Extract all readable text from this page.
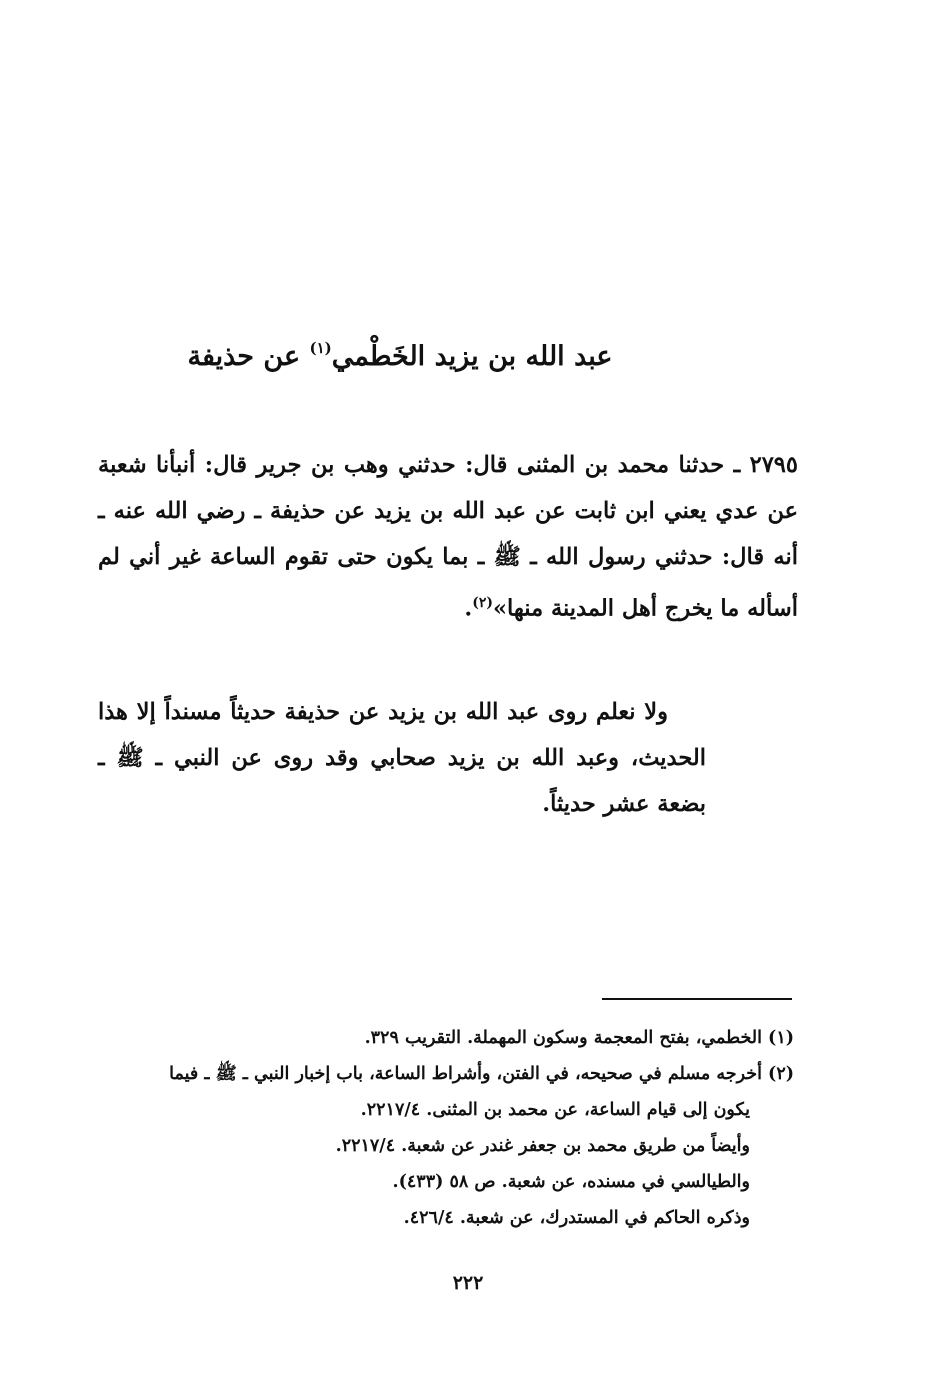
عبد الله بن يزيد الخَطْمي$^{(١)}$ عن حذيفة
٢٧٩٥ ـ حدثنا محمد بن المثنى قال: حدثني وهب بن جرير قال: أنبأنا شعبة عن عدي يعني ابن ثابت عن عبد الله بن يزيد عن حذيفة ـ رضي الله عنه ـ أنه قال: حدثني رسول الله ـ ﷺ ـ بما يكون حتى تقوم الساعة غير أني لم أسأله ما يخرج أهل المدينة منها»$^{(٢)}$.
ولا نعلم روى عبد الله بن يزيد عن حذيفة حديثاً مسنداً إلا هذا الحديث، وعبد الله بن يزيد صحابي وقد روى عن النبي ـ ﷺ ـ بضعة عشر حديثاً.

(١) الخطمي، بفتح المعجمة وسكون المهملة. التقريب ٣٢٩.

(٢) أخرجه مسلم في صحيحه، في الفتن، وأشراط الساعة، باب إخبار النبي ـ ﷺ ـ فيما

يكون إلى قيام الساعة، عن محمد بن المثنى. ٢٢١٧/٤.

وأيضاً من طريق محمد بن جعفر غندر عن شعبة. ٢٢١٧/٤.

والطيالسي في مسنده، عن شعبة. ص ٥٨ (٤٣٣).

وذكره الحاكم في المستدرك، عن شعبة. ٤٢٦/٤.

٢٢٢
